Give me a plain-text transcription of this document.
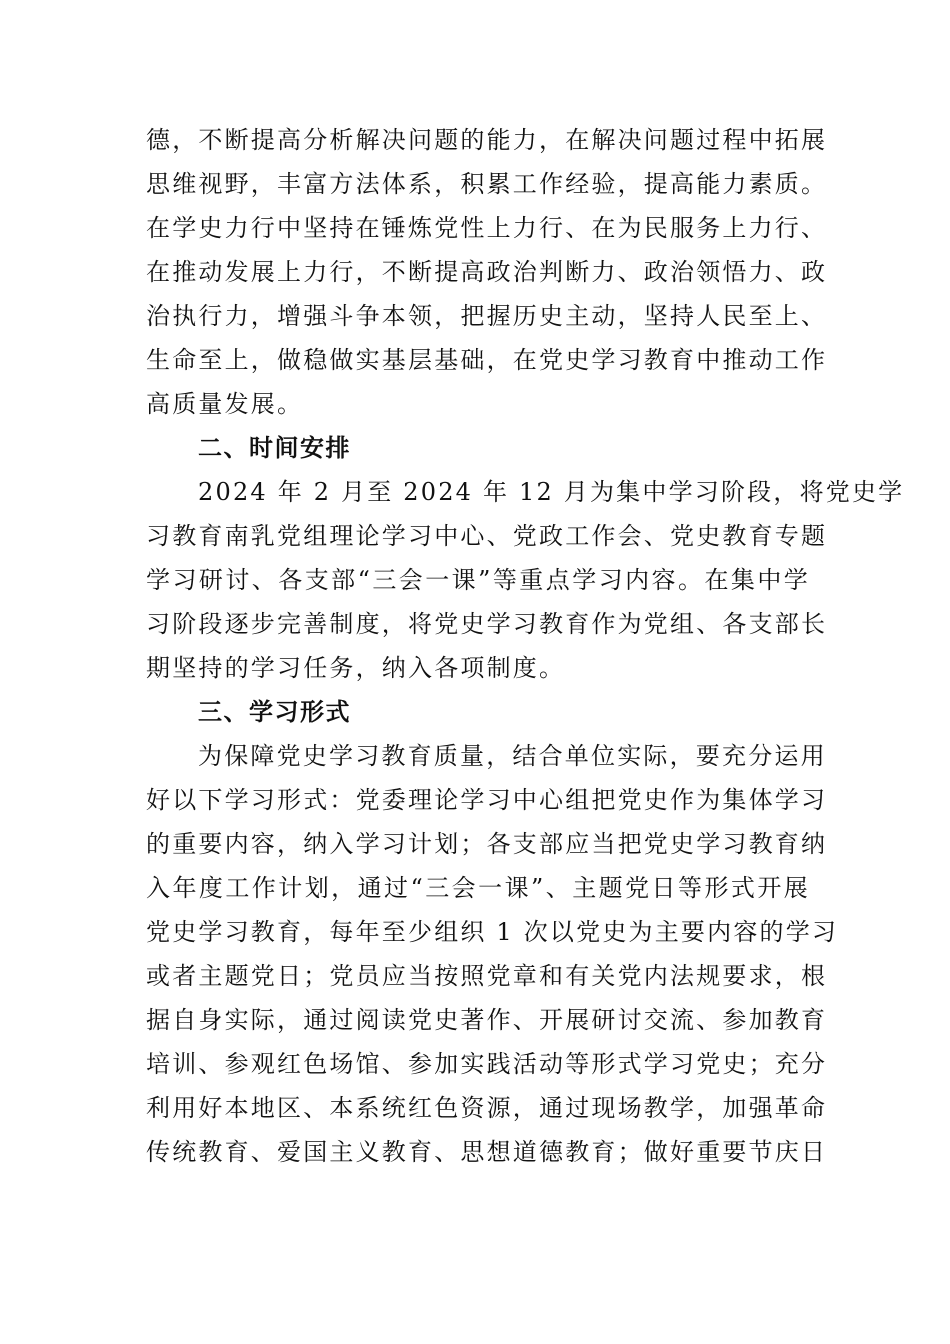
德，不断提高分析解决问题的能力，在解决问题过程中拓展
思维视野，丰富方法体系，积累工作经验，提高能力素质。
在学史力行中坚持在锤炼党性上力行、在为民服务上力行、
在推动发展上力行，不断提高政治判断力、政治领悟力、政
治执行力，增强斗争本领，把握历史主动，坚持人民至上、
生命至上，做稳做实基层基础，在党史学习教育中推动工作
高质量发展。

二、时间安排

2024 年 2 月至 2024 年 12 月为集中学习阶段，将党史学
习教育南乳党组理论学习中心、党政工作会、党史教育专题
学习研讨、各支部“三会一课”等重点学习内容。在集中学
习阶段逐步完善制度，将党史学习教育作为党组、各支部长
期坚持的学习任务，纳入各项制度。

三、学习形式

为保障党史学习教育质量，结合单位实际，要充分运用
好以下学习形式：党委理论学习中心组把党史作为集体学习
的重要内容，纳入学习计划；各支部应当把党史学习教育纳
入年度工作计划，通过“三会一课”、主题党日等形式开展
党史学习教育，每年至少组织 1 次以党史为主要内容的学习
或者主题党日；党员应当按照党章和有关党内法规要求，根
据自身实际，通过阅读党史著作、开展研讨交流、参加教育
培训、参观红色场馆、参加实践活动等形式学习党史；充分
利用好本地区、本系统红色资源，通过现场教学，加强革命
传统教育、爱国主义教育、思想道德教育；做好重要节庆日
